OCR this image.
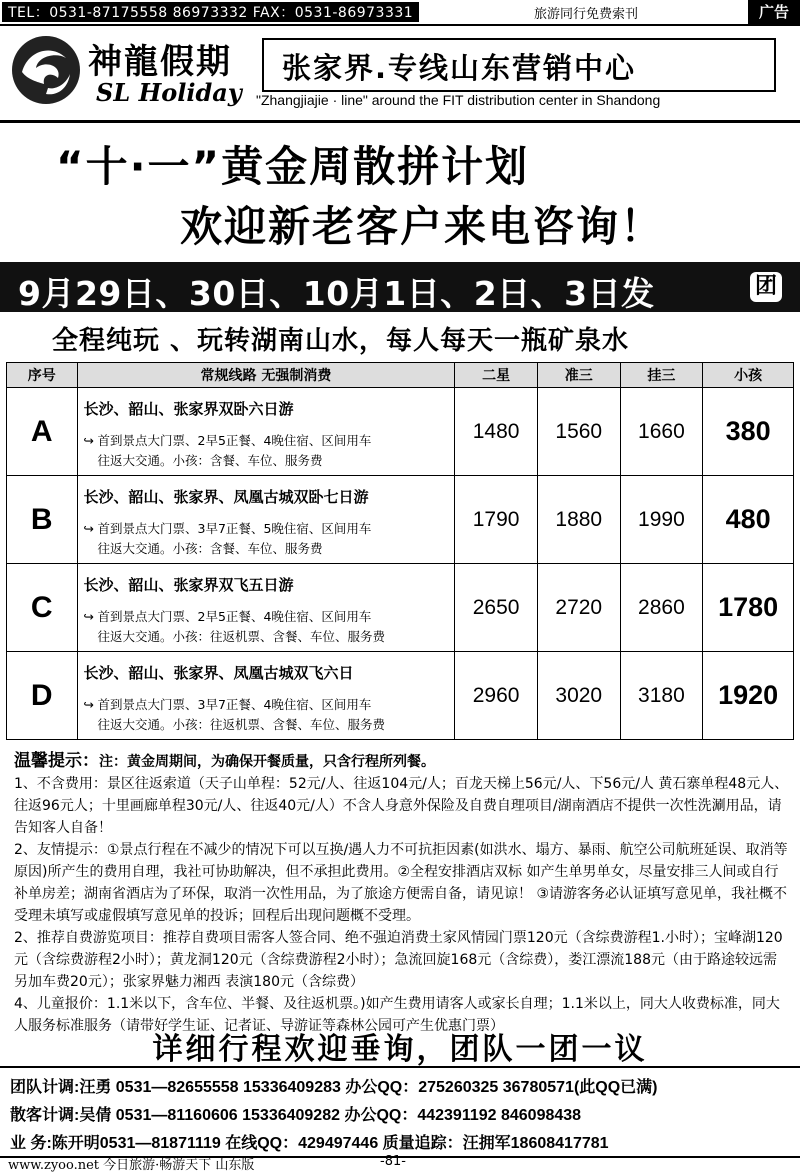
TEL：0531-87175558 86973332 FAX：0531-86973331	旅游同行免费索刊	广告
神龍假期
SL Holiday
张家界.专线山东营销中心
"Zhangjiajie · line" around the FIT distribution center in Shandong
“十·一”黄金周散拼计划
欢迎新老客户来电咨询！
9月29日、30日、10月1日、2日、3日发	团
全程纯玩 、玩转湖南山水，每人每天一瓶矿泉水
序号	常规线路 无强制消费	二星	准三	挂三	小孩
A	长沙、韶山、张家界双卧六日游
↪ 首到景点大门票、2早5正餐、4晚住宿、区间用车
往返大交通。小孩：含餐、车位、服务费	1480	1560	1660	380
B	长沙、韶山、张家界、凤凰古城双卧七日游
↪ 首到景点大门票、3早7正餐、5晚住宿、区间用车
往返大交通。小孩：含餐、车位、服务费	1790	1880	1990	480
C	长沙、韶山、张家界双飞五日游
↪ 首到景点大门票、2早5正餐、4晚住宿、区间用车
往返大交通。小孩：往返机票、含餐、车位、服务费	2650	2720	2860	1780
D	长沙、韶山、张家界、凤凰古城双飞六日
↪ 首到景点大门票、3早7正餐、4晚住宿、区间用车
往返大交通。小孩：往返机票、含餐、车位、服务费	2960	3020	3180	1920

温馨提示：注：黄金周期间，为确保开餐质量，只含行程所列餐。

1、不含费用：景区往返索道（天子山单程：52元/人、往返104元/人；百龙天梯上56元/人、下56元/人 黄石寨单程48元人、往返96元人；十里画廊单程30元/人、往返40元/人）不含人身意外保险及自费自理项目/湖南酒店不提供一次性洗涮用品，请告知客人自备！

2、友情提示：①景点行程在不减少的情况下可以互换/遇人力不可抗拒因素(如洪水、塌方、暴雨、航空公司航班延误、取消等原因)所产生的费用自理，我社可协助解决，但不承担此费用。②全程安排酒店双标 如产生单男单女，尽量安排三人间或自行补单房差；湖南省酒店为了环保，取消一次性用品，为了旅途方便需自备，请见谅！ ③请游客务必认证填写意见单，我社概不受理未填写或虚假填写意见单的投诉；回程后出现问题概不受理。

2、推荐自费游览项目：推荐自费项目需客人签合同、绝不强迫消费土家风情园门票120元（含综费游程1.小时）；宝峰湖120元（含综费游程2小时）；黄龙洞120元（含综费游程2小时）；急流回旋168元（含综费），娄江漂流188元（由于路途较远需另加车费20元）；张家界魅力湘西 表演180元（含综费）

4、儿童报价：1.1米以下，含车位、半餐、及往返机票。)如产生费用请客人或家长自理；1.1米以上，同大人收费标准，同大人服务标准服务（请带好学生证、记者证、导游证等森林公园可产生优惠门票）

详细行程欢迎垂询，团队一团一议
团队计调:汪勇 0531—82655558 15336409283 办公QQ：275260325 36780571(此QQ已满)
散客计调:吴倩 0531—81160606 15336409282 办公QQ：442391192 846098438
业 务:陈开明0531—81871119 在线QQ：429497446 质量追踪：汪拥军18608417781
www.zyoo.net 今日旅游·畅游天下 山东版	-81-
